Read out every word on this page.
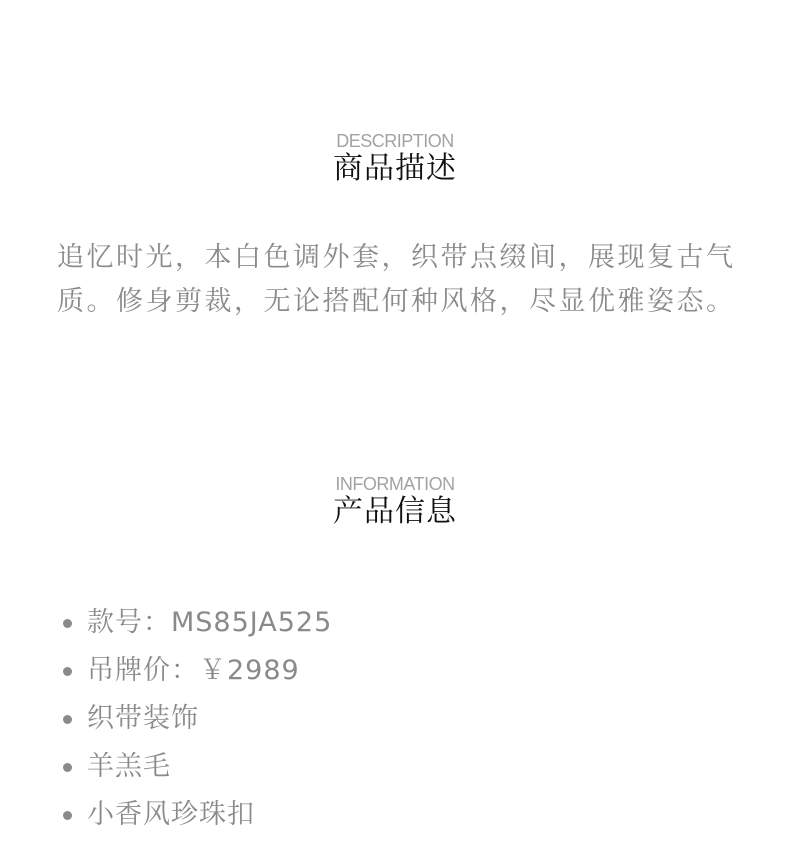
DESCRIPTION
商品描述

追忆时光，本白色调外套，织带点缀间，展现复古气质。修身剪裁，无论搭配何种风格，尽显优雅姿态。

INFORMATION
产品信息
款号：MS85JA525
吊牌价：￥2989
织带装饰
羊羔毛
小香风珍珠扣
